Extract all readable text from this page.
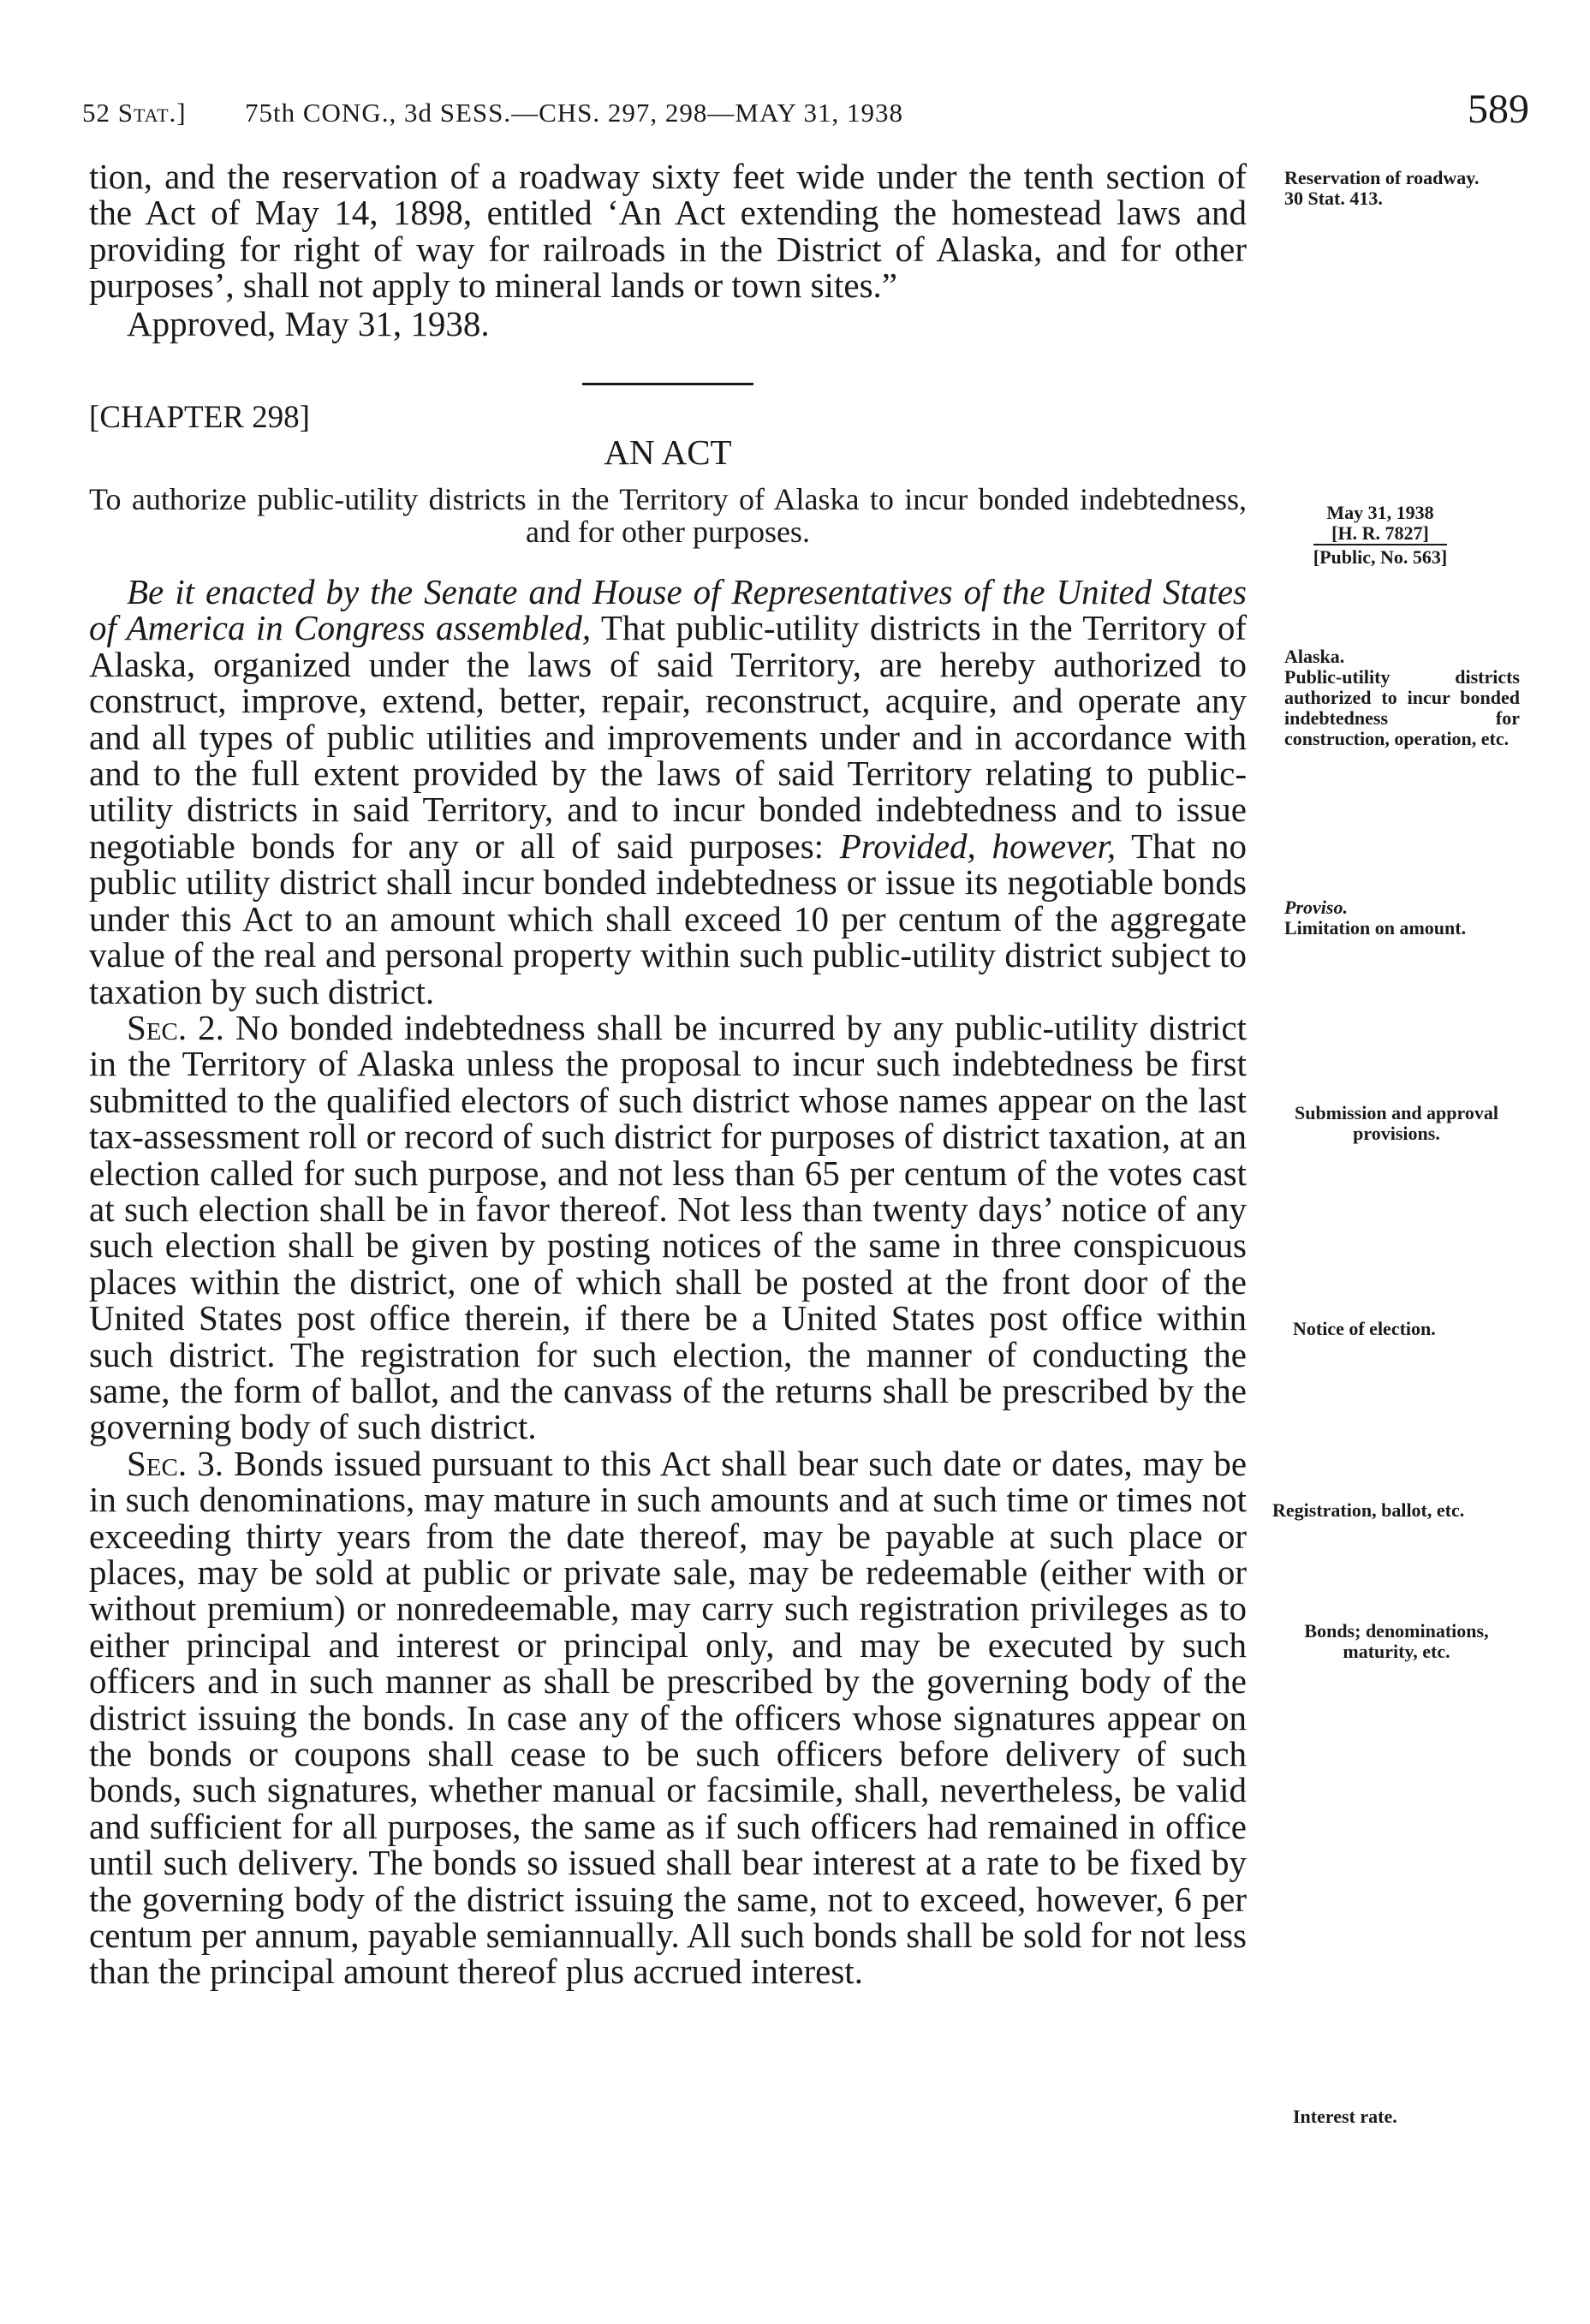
52 Stat.] 75th CONG., 3d SESS.—CHS. 297, 298—MAY 31, 1938	589

tion, and the reservation of a roadway sixty feet wide under the tenth section of the Act of May 14, 1898, entitled ‘An Act extending the homestead laws and providing for right of way for railroads in the District of Alaska, and for other purposes’, shall not apply to mineral lands or town sites.”

Approved, May 31, 1938.

[CHAPTER 298]
AN ACT
To authorize public-utility districts in the Territory of Alaska to incur bonded indebtedness, and for other purposes.

Be it enacted by the Senate and House of Representatives of the United States of America in Congress assembled, That public-utility districts in the Territory of Alaska, organized under the laws of said Territory, are hereby authorized to construct, improve, extend, better, repair, reconstruct, acquire, and operate any and all types of public utilities and improvements under and in accordance with and to the full extent provided by the laws of said Territory relating to public-utility districts in said Territory, and to incur bonded indebtedness and to issue negotiable bonds for any or all of said purposes: Provided, however, That no public utility district shall incur bonded indebtedness or issue its negotiable bonds under this Act to an amount which shall exceed 10 per centum of the aggregate value of the real and personal property within such public-utility district subject to taxation by such district.

Sec. 2. No bonded indebtedness shall be incurred by any public-utility district in the Territory of Alaska unless the proposal to incur such indebtedness be first submitted to the qualified electors of such district whose names appear on the last tax-assessment roll or record of such district for purposes of district taxation, at an election called for such purpose, and not less than 65 per centum of the votes cast at such election shall be in favor thereof. Not less than twenty days’ notice of any such election shall be given by posting notices of the same in three conspicuous places within the district, one of which shall be posted at the front door of the United States post office therein, if there be a United States post office within such district. The registration for such election, the manner of conducting the same, the form of ballot, and the canvass of the returns shall be prescribed by the governing body of such district.

Sec. 3. Bonds issued pursuant to this Act shall bear such date or dates, may be in such denominations, may mature in such amounts and at such time or times not exceeding thirty years from the date thereof, may be payable at such place or places, may be sold at public or private sale, may be redeemable (either with or without premium) or nonredeemable, may carry such registration privileges as to either principal and interest or principal only, and may be executed by such officers and in such manner as shall be prescribed by the governing body of the district issuing the bonds. In case any of the officers whose signatures appear on the bonds or coupons shall cease to be such officers before delivery of such bonds, such signatures, whether manual or facsimile, shall, nevertheless, be valid and sufficient for all purposes, the same as if such officers had remained in office until such delivery. The bonds so issued shall bear interest at a rate to be fixed by the governing body of the district issuing the same, not to exceed, however, 6 per centum per annum, payable semiannually. All such bonds shall be sold for not less than the principal amount thereof plus accrued interest.

Reservation of roadway.
30 Stat. 413.
May 31, 1938
[H. R. 7827]
[Public, No. 563]
Alaska.
Public-utility districts authorized to incur bonded indebtedness for construction, operation, etc.
Proviso.
Limitation on amount.
Submission and approval provisions.
Notice of election.
Registration, ballot, etc.
Bonds; denominations, maturity, etc.
Interest rate.
